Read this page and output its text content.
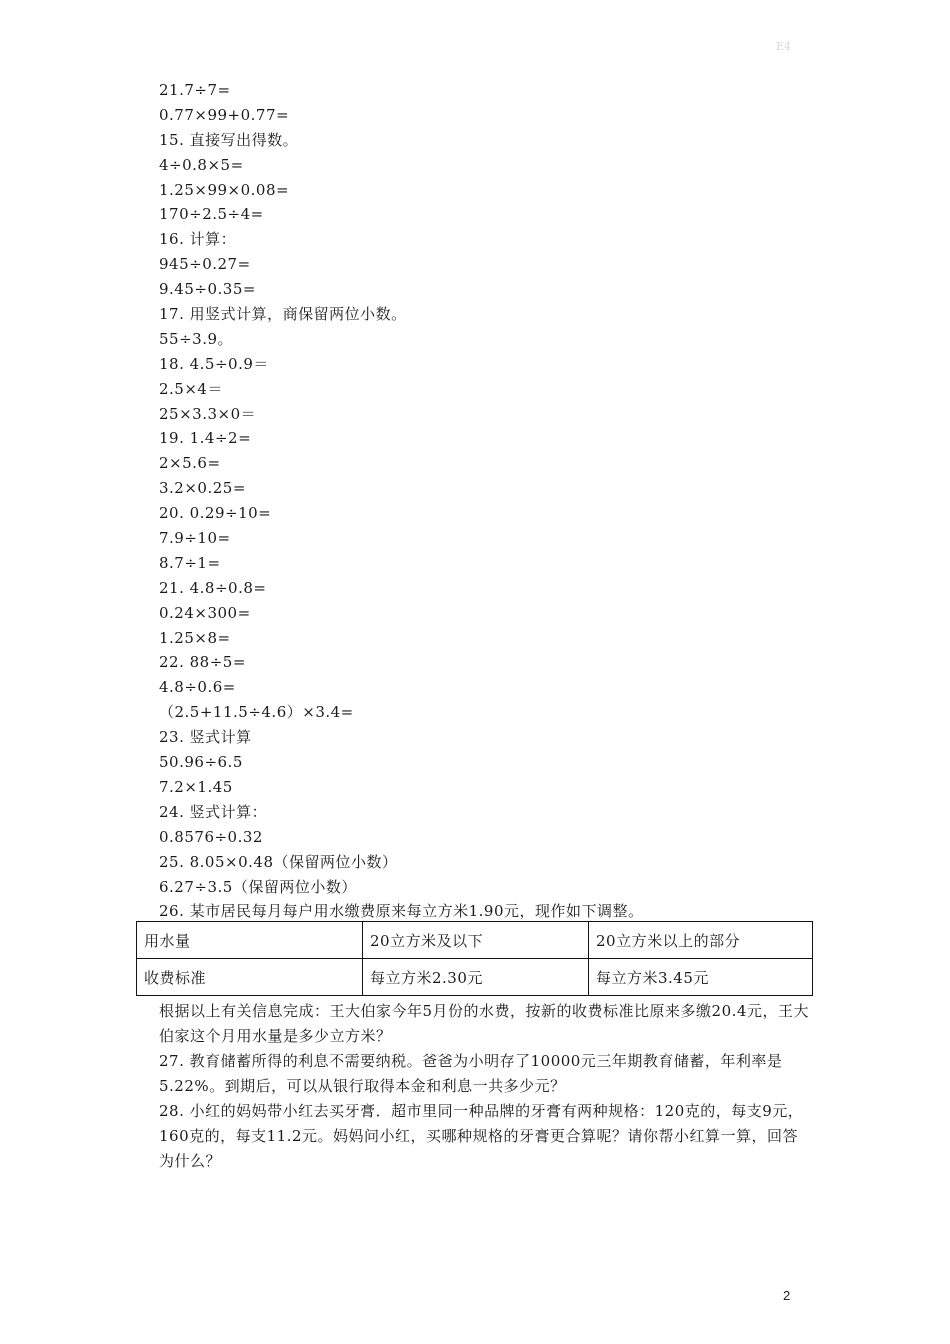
E4
21.7÷7=
0.77×99+0.77=
15. 直接写出得数。
4÷0.8×5=
1.25×99×0.08=
170÷2.5÷4=
16. 计算：
945÷0.27=
9.45÷0.35=
17. 用竖式计算，商保留两位小数。
55÷3.9。
18. 4.5÷0.9＝
2.5×4＝
25×3.3×0＝
19. 1.4÷2=
2×5.6=
3.2×0.25=
20. 0.29÷10=
7.9÷10=
8.7÷1=
21. 4.8÷0.8=
0.24×300=
1.25×8=
22. 88÷5=
4.8÷0.6=
（2.5+11.5÷4.6）×3.4=
23. 竖式计算
50.96÷6.5
7.2×1.45
24. 竖式计算：
0.8576÷0.32
25. 8.05×0.48（保留两位小数）
6.27÷3.5（保留两位小数）
26. 某市居民每月每户用水缴费原来每立方米1.90元，现作如下调整。
用水量	20立方米及以下	20立方米以上的部分
收费标准	每立方米2.30元	每立方米3.45元
根据以上有关信息完成：王大伯家今年5月份的水费，按新的收费标准比原来多缴20.4元，王大伯家这个月用水量是多少立方米？
27. 教育储蓄所得的利息不需要纳税。爸爸为小明存了10000元三年期教育储蓄，年利率是5.22%。到期后，可以从银行取得本金和利息一共多少元？
28. 小红的妈妈带小红去买牙膏．超市里同一种品牌的牙膏有两种规格：120克的，每支9元，160克的，每支11.2元。妈妈问小红，买哪种规格的牙膏更合算呢？请你帮小红算一算，回答为什么？
2
